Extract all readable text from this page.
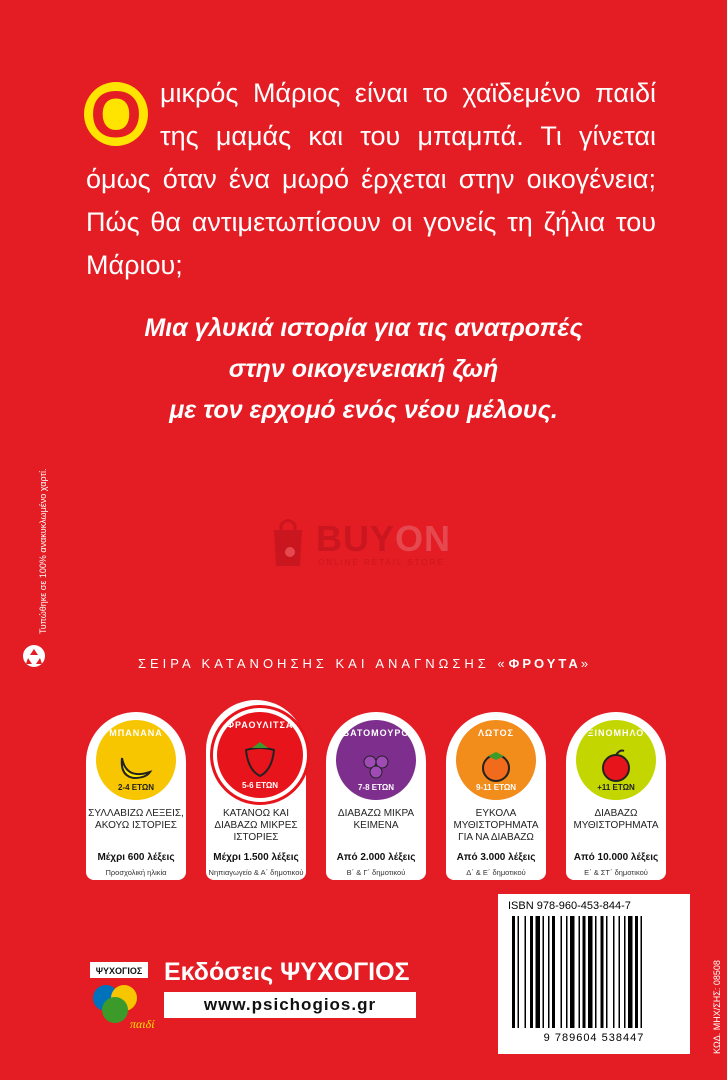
O μικρός Μάριος είναι το χαϊδεμένο παιδί της μαμάς και του μπαμπά. Τι γίνεται όμως όταν ένα μωρό έρχεται στην οικογένεια; Πώς θα αντιμετωπίσουν οι γονείς τη ζήλια του Μάριου;
Μια γλυκιά ιστορία για τις ανατροπές
στην οικογενειακή ζωή
με τον ερχομό ενός νέου μέλους.
BUYON
ONLINE RETAIL STORE
Τυπώθηκε σε 100% ανακυκλωμένο χαρτί.
ΣΕΙΡΑ ΚΑΤΑΝΟΗΣΗΣ ΚΑΙ ΑΝΑΓΝΩΣΗΣ «ΦΡΟΥΤΑ»
ΜΠΑΝΑΝΑ
2-4 ΕΤΩΝ
ΣΥΛΛΑΒΙΖΩ ΛΕΞΕΙΣ, ΑΚΟΥΩ ΙΣΤΟΡΙΕΣ
Μέχρι 600 λέξεις
Προσχολική ηλικία
ΦΡΑΟΥΛΙΤΣΑ
5-6 ΕΤΩΝ
ΚΑΤΑΝΟΩ ΚΑΙ ΔΙΑΒΑΖΩ ΜΙΚΡΕΣ ΙΣΤΟΡΙΕΣ
Μέχρι 1.500 λέξεις
Νηπιαγωγείο & Α΄ δημοτικού
ΒΑΤΟΜΟΥΡΟ
7-8 ΕΤΩΝ
ΔΙΑΒΑΖΩ ΜΙΚΡΑ ΚΕΙΜΕΝΑ
Από 2.000 λέξεις
Β΄ & Γ΄ δημοτικού
ΛΩΤΟΣ
9-11 ΕΤΩΝ
ΕΥΚΟΛΑ ΜΥΘΙΣΤΟΡΗΜΑΤΑ ΓΙΑ ΝΑ ΔΙΑΒΑΖΩ
Από 3.000 λέξεις
Δ΄ & Ε΄ δημοτικού
ΞΙΝΟΜΗΛΟ
+11 ΕΤΩΝ
ΔΙΑΒΑΖΩ ΜΥΘΙΣΤΟΡΗΜΑΤΑ
Από 10.000 λέξεις
Ε΄ & ΣΤ΄ δημοτικού
ISBN 978-960-453-844-7
9 789604 538447	ΚΩΔ. ΜΗΧ/ΣΗΣ: 08508
ΨΥΧΟΓΙΟΣ
παιδί
Εκδόσεις ΨΥΧΟΓΙΟΣ
www.psichogios.gr
